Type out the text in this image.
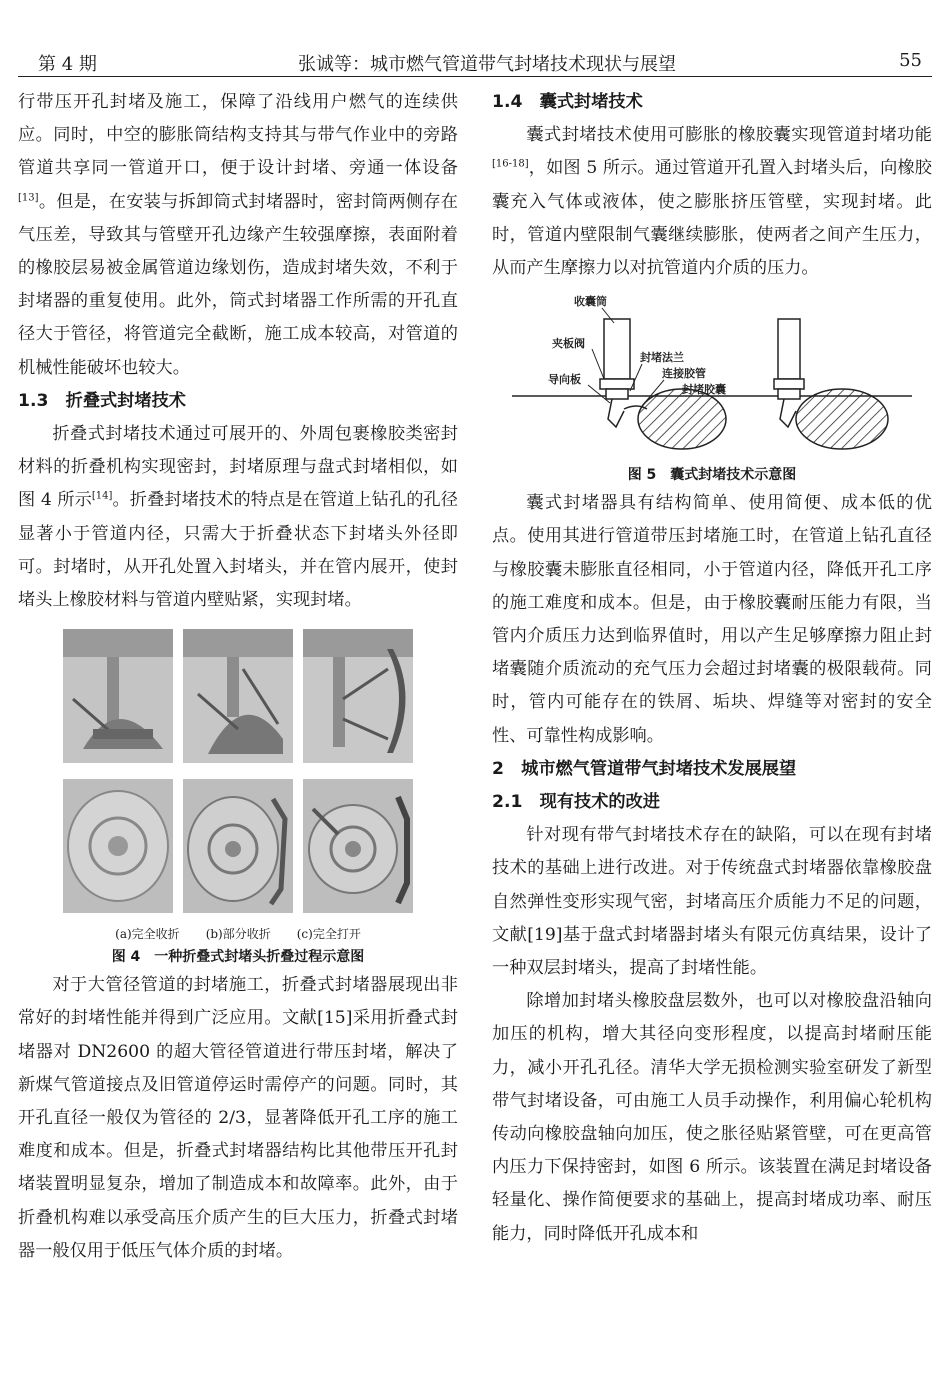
第 4 期	张诚等：城市燃气管道带气封堵技术现状与展望	55

行带压开孔封堵及施工，保障了沿线用户燃气的连续供应。同时，中空的膨胀筒结构支持其与带气作业中的旁路管道共享同一管道开口，便于设计封堵、旁通一体设备[13]。但是，在安装与拆卸筒式封堵器时，密封筒两侧存在气压差，导致其与管壁开孔边缘产生较强摩擦，表面附着的橡胶层易被金属管道边缘划伤，造成封堵失效，不利于封堵器的重复使用。此外，筒式封堵器工作所需的开孔直径大于管径，将管道完全截断，施工成本较高，对管道的机械性能破坏也较大。

1.3　折叠式封堵技术

折叠式封堵技术通过可展开的、外周包裹橡胶类密封材料的折叠机构实现密封，封堵原理与盘式封堵相似，如图 4 所示[14]。折叠封堵技术的特点是在管道上钻孔的孔径显著小于管道内径，只需大于折叠状态下封堵头外径即可。封堵时，从开孔处置入封堵头，并在管内展开，使封堵头上橡胶材料与管道内壁贴紧，实现封堵。

(a)完全收折 (b)部分收折 (c)完全打开
图 4　一种折叠式封堵头折叠过程示意图

对于大管径管道的封堵施工，折叠式封堵器展现出非常好的封堵性能并得到广泛应用。文献[15]采用折叠式封堵器对 DN2600 的超大管径管道进行带压封堵，解决了新煤气管道接点及旧管道停运时需停产的问题。同时，其开孔直径一般仅为管径的 2/3，显著降低开孔工序的施工难度和成本。但是，折叠式封堵器结构比其他带压开孔封堵装置明显复杂，增加了制造成本和故障率。此外，由于折叠机构难以承受高压介质产生的巨大压力，折叠式封堵器一般仅用于低压气体介质的封堵。

1.4　囊式封堵技术

囊式封堵技术使用可膨胀的橡胶囊实现管道封堵功能[16-18]，如图 5 所示。通过管道开孔置入封堵头后，向橡胶囊充入气体或液体，使之膨胀挤压管壁，实现封堵。此时，管道内壁限制气囊继续膨胀，使两者之间产生压力，从而产生摩擦力以对抗管道内介质的压力。

收囊筒
夹板阀
导向板
封堵法兰
连接胶管
封堵胶囊
图 5　囊式封堵技术示意图

囊式封堵器具有结构简单、使用简便、成本低的优点。使用其进行管道带压封堵施工时，在管道上钻孔直径与橡胶囊未膨胀直径相同，小于管道内径，降低开孔工序的施工难度和成本。但是，由于橡胶囊耐压能力有限，当管内介质压力达到临界值时，用以产生足够摩擦力阻止封堵囊随介质流动的充气压力会超过封堵囊的极限载荷。同时，管内可能存在的铁屑、垢块、焊缝等对密封的安全性、可靠性构成影响。

2　城市燃气管道带气封堵技术发展展望
2.1　现有技术的改进

针对现有带气封堵技术存在的缺陷，可以在现有封堵技术的基础上进行改进。对于传统盘式封堵器依靠橡胶盘自然弹性变形实现气密，封堵高压介质能力不足的问题，文献[19]基于盘式封堵器封堵头有限元仿真结果，设计了一种双层封堵头，提高了封堵性能。

除增加封堵头橡胶盘层数外，也可以对橡胶盘沿轴向加压的机构，增大其径向变形程度，以提高封堵耐压能力，减小开孔孔径。清华大学无损检测实验室研发了新型带气封堵设备，可由施工人员手动操作，利用偏心轮机构传动向橡胶盘轴向加压，使之胀径贴紧管壁，可在更高管内压力下保持密封，如图 6 所示。该装置在满足封堵设备轻量化、操作简便要求的基础上，提高封堵成功率、耐压能力，同时降低开孔成本和
